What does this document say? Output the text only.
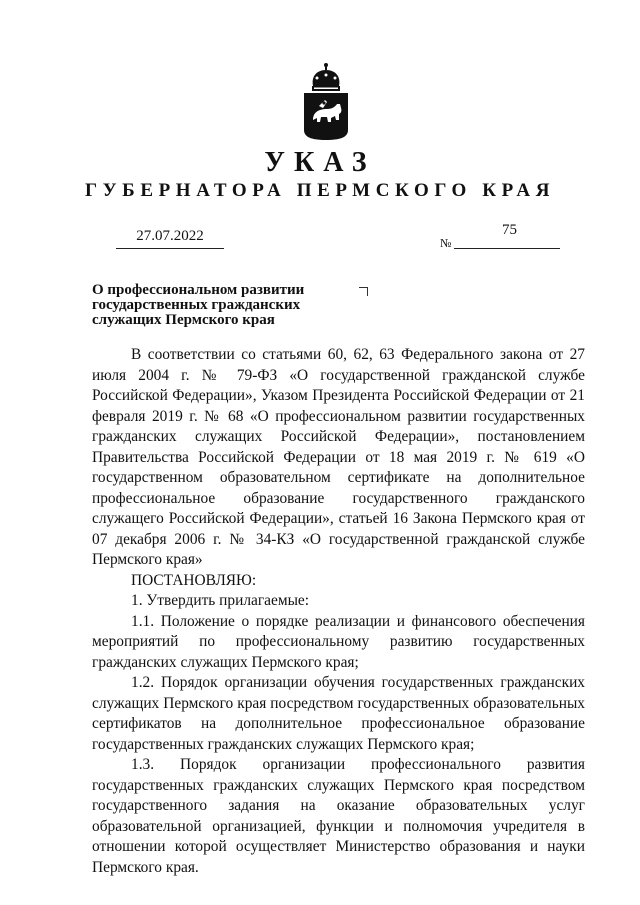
УКАЗ
ГУБЕРНАТОРА ПЕРМСКОГО КРАЯ
27.07.2022	75
№
О профессиональном развитии государственных гражданских служащих Пермского края

В соответствии со статьями 60, 62, 63 Федерального закона от 27 июля 2004 г. № 79-ФЗ «О государственной гражданской службе Российской Федерации», Указом Президента Российской Федерации от 21 февраля 2019 г. № 68 «О профессиональном развитии государственных гражданских служащих Российской Федерации», постановлением Правительства Российской Федерации от 18 мая 2019 г. № 619 «О государственном образовательном сертификате на дополнительное профессиональное образование государственного гражданского служащего Российской Федерации», статьей 16 Закона Пермского края от 07 декабря 2006 г. № 34-КЗ «О государственной гражданской службе Пермского края»

ПОСТАНОВЛЯЮ:

1. Утвердить прилагаемые:

1.1. Положение о порядке реализации и финансового обеспечения мероприятий по профессиональному развитию государственных гражданских служащих Пермского края;

1.2. Порядок организации обучения государственных гражданских служащих Пермского края посредством государственных образовательных сертификатов на дополнительное профессиональное образование государственных гражданских служащих Пермского края;

1.3. Порядок организации профессионального развития государственных гражданских служащих Пермского края посредством государственного задания на оказание образовательных услуг образовательной организацией, функции и полномочия учредителя в отношении которой осуществляет Министерство образования и науки Пермского края.
